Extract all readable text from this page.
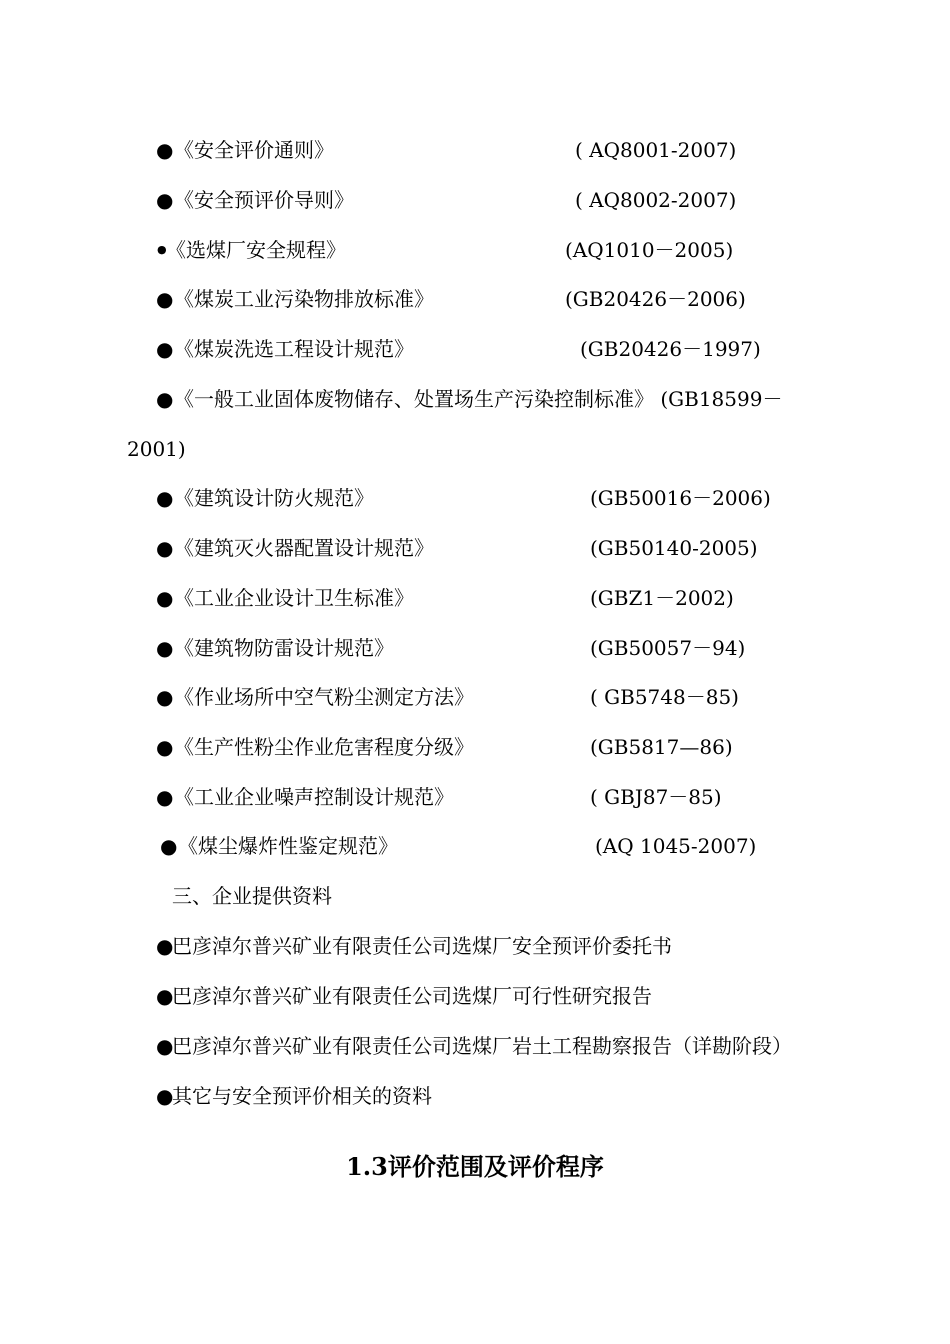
● 《安全评价通则》	( AQ8001-2007)
● 《安全预评价导则》	( AQ8002-2007)
● 《选煤厂安全规程》	(AQ1010－2005)
● 《煤炭工业污染物排放标准》	(GB20426－2006)
● 《煤炭洗选工程设计规范》	(GB20426－1997)
● 《一般工业固体废物储存、处置场生产污染控制标准》 (GB18599－
2001)
● 《建筑设计防火规范》	(GB50016－2006)
● 《建筑灭火器配置设计规范》	(GB50140-2005)
● 《工业企业设计卫生标准》	(GBZ1－2002)
● 《建筑物防雷设计规范》	(GB50057－94)
● 《作业场所中空气粉尘测定方法》	( GB5748－85)
● 《生产性粉尘作业危害程度分级》	(GB5817—86)
● 《工业企业噪声控制设计规范》	( GBJ87－85)
● 《煤尘爆炸性鉴定规范》	(AQ 1045-2007)
三、企业提供资料
●
巴彦淖尔普兴矿业有限责任公司选煤厂安全预评价委托书
●
巴彦淖尔普兴矿业有限责任公司选煤厂可行性研究报告
●
巴彦淖尔普兴矿业有限责任公司选煤厂岩土工程勘察报告（详勘阶段）
●
其它与安全预评价相关的资料
1.3评价范围及评价程序
